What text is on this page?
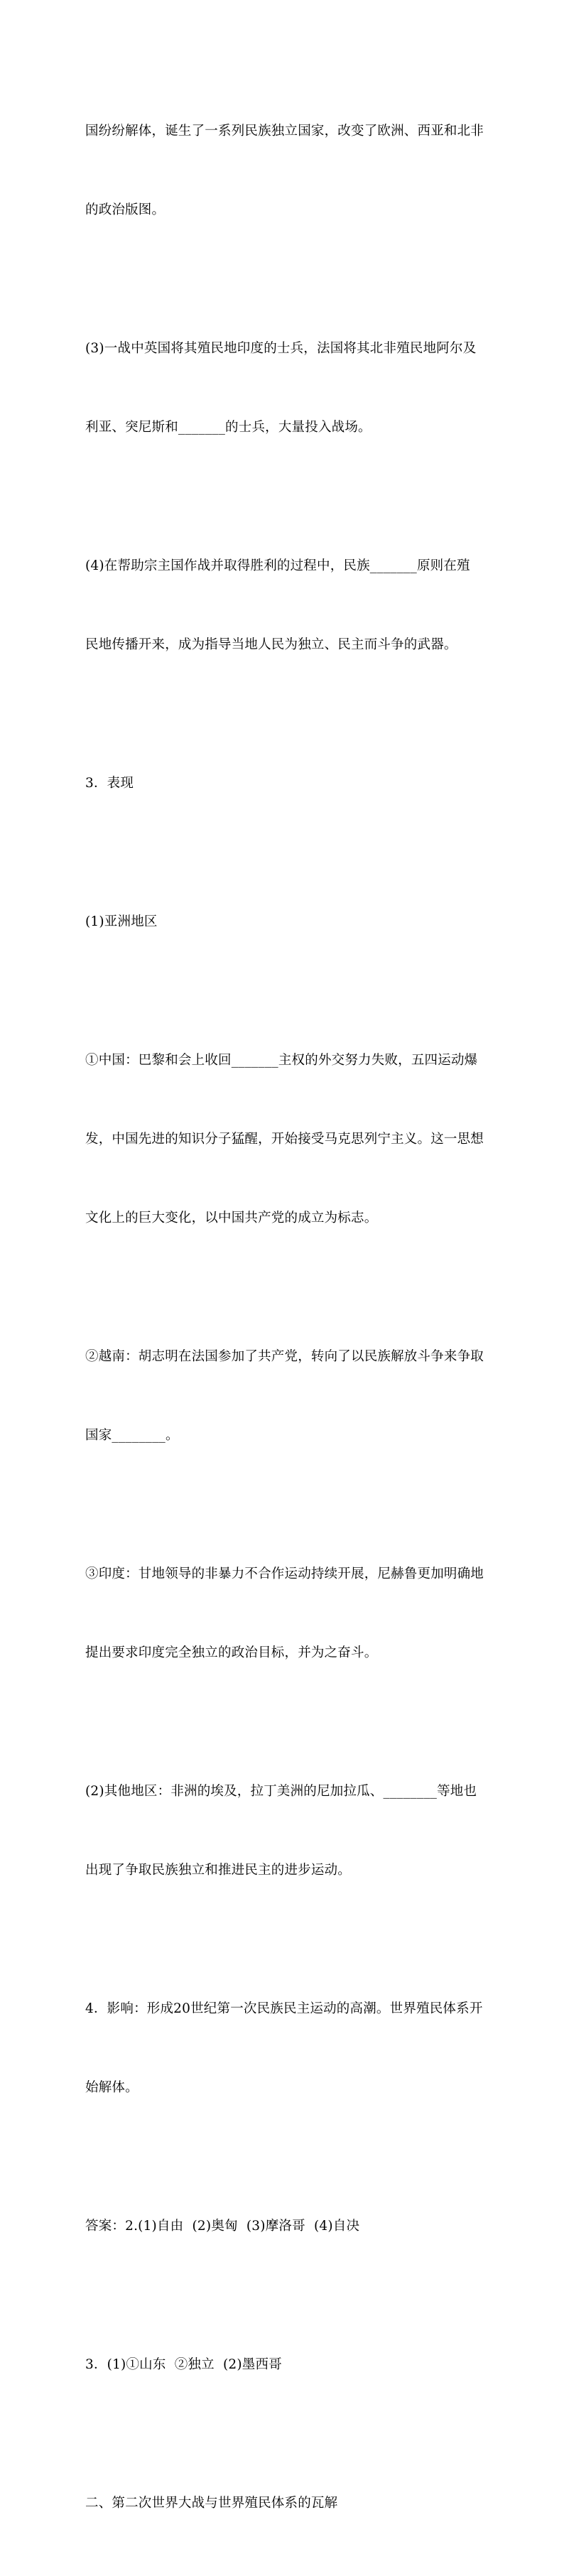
国纷纷解体，诞生了一系列民族独立国家，改变了欧洲、西亚和北非

的政治版图。

(3)一战中英国将其殖民地印度的士兵，法国将其北非殖民地阿尔及

利亚、突尼斯和_______的士兵，大量投入战场。

(4)在帮助宗主国作战并取得胜利的过程中，民族_______原则在殖

民地传播开来，成为指导当地人民为独立、民主而斗争的武器。

3．表现

(1)亚洲地区

①中国：巴黎和会上收回_______主权的外交努力失败，五四运动爆

发，中国先进的知识分子猛醒，开始接受马克思列宁主义。这一思想

文化上的巨大变化，以中国共产党的成立为标志。

②越南：胡志明在法国参加了共产党，转向了以民族解放斗争来争取

国家________。

③印度：甘地领导的非暴力不合作运动持续开展，尼赫鲁更加明确地

提出要求印度完全独立的政治目标，并为之奋斗。

(2)其他地区：非洲的埃及，拉丁美洲的尼加拉瓜、________等地也

出现了争取民族独立和推进民主的进步运动。

4．影响：形成20世纪第一次民族民主运动的高潮。世界殖民体系开

始解体。

答案：2.(1)自由  (2)奥匈  (3)摩洛哥  (4)自决

3．(1)①山东  ②独立  (2)墨西哥

二、第二次世界大战与世界殖民体系的瓦解
